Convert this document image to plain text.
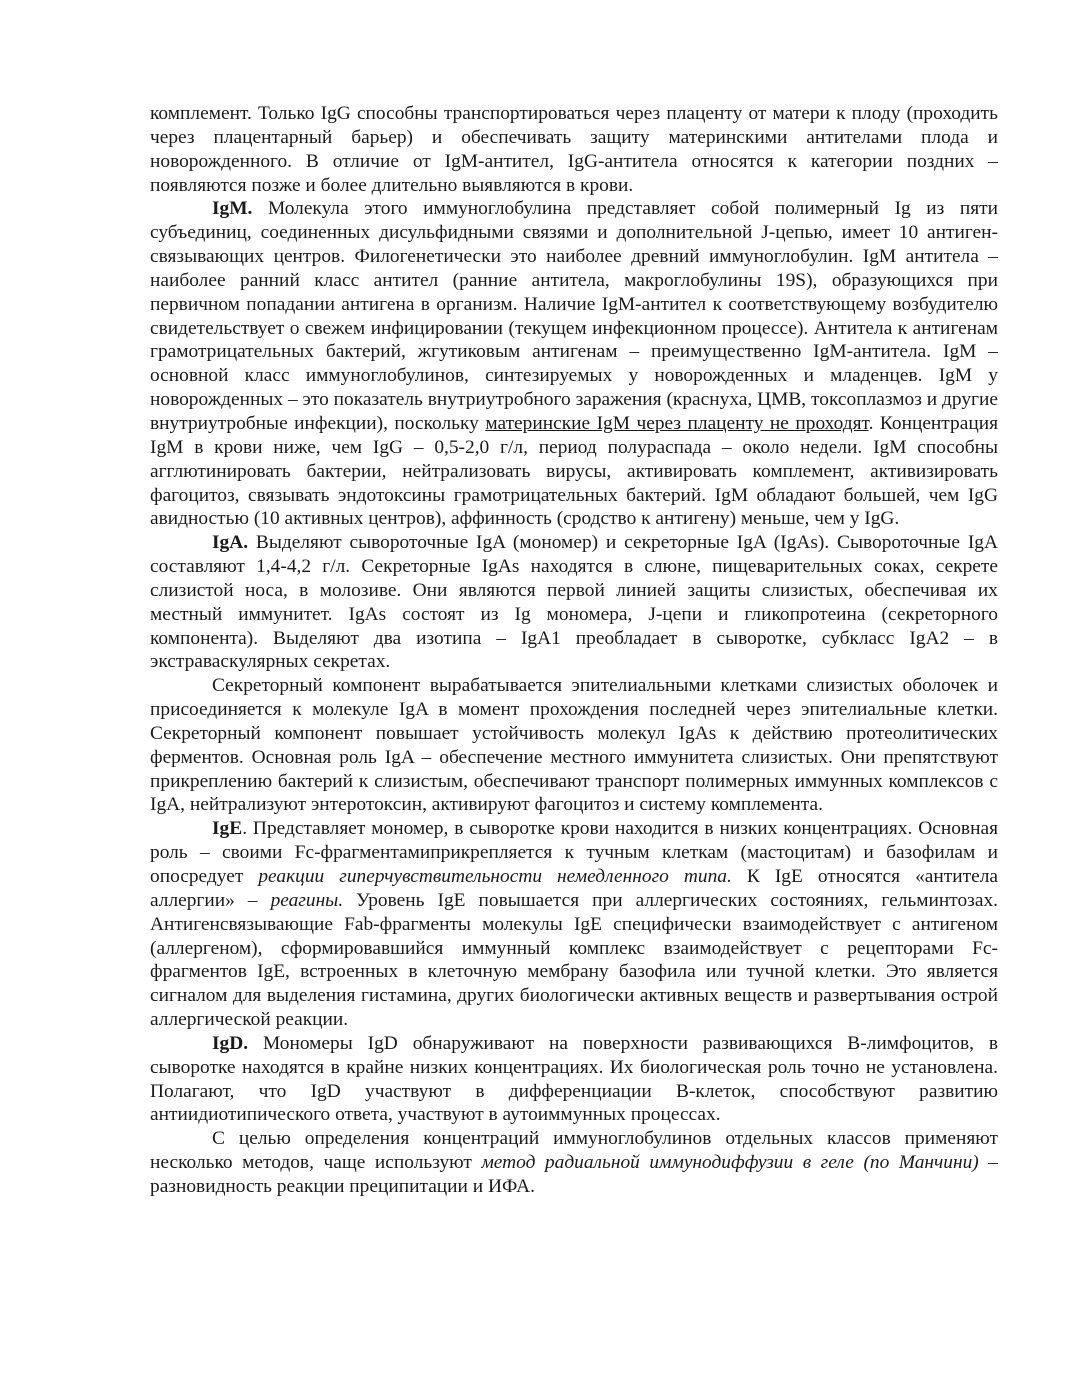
комплемент. Только IgG способны транспортироваться через плаценту от матери к плоду (проходить через плацентарный барьер) и обеспечивать защиту материнскими антителами плода и новорожденного. В отличие от IgM-антител, IgG-антитела относятся к категории поздних – появляются позже и более длительно выявляются в крови.

IgM. Молекула этого иммуноглобулина представляет собой полимерный Ig из пяти субъединиц, соединенных дисульфидными связями и дополнительной J-цепью, имеет 10 антиген-связывающих центров. Филогенетически это наиболее древний иммуноглобулин. IgM антитела – наиболее ранний класс антител (ранние антитела, макроглобулины 19S), образующихся при первичном попадании антигена в организм. Наличие IgM-антител к соответствующему возбудителю свидетельствует о свежем инфицировании (текущем инфекционном процессе). Антитела к антигенам грамотрицательных бактерий, жгутиковым антигенам – преимущественно IgM-антитела. IgM – основной класс иммуноглобулинов, синтезируемых у новорожденных и младенцев. IgM у новорожденных – это показатель внутриутробного заражения (краснуха, ЦМВ, токсоплазмоз и другие внутриутробные инфекции), поскольку материнские IgM через плаценту не проходят. Концентрация IgM в крови ниже, чем IgG – 0,5-2,0 г/л, период полураспада – около недели. IgM способны агглютинировать бактерии, нейтрализовать вирусы, активировать комплемент, активизировать фагоцитоз, связывать эндотоксины грамотрицательных бактерий. IgM обладают большей, чем IgG авидностью (10 активных центров), аффинность (сродство к антигену) меньше, чем у IgG.

IgA. Выделяют сывороточные IgA (мономер) и секреторные IgA (IgAs). Сывороточные IgA составляют 1,4-4,2 г/л. Секреторные IgAs находятся в слюне, пищеварительных соках, секрете слизистой носа, в молозиве. Они являются первой линией защиты слизистых, обеспечивая их местный иммунитет. IgAs состоят из Ig мономера, J-цепи и гликопротеина (секреторного компонента). Выделяют два изотипа – IgA1 преобладает в сыворотке, субкласс IgA2 – в экстраваскулярных секретах.

Секреторный компонент вырабатывается эпителиальными клетками слизистых оболочек и присоединяется к молекуле IgA в момент прохождения последней через эпителиальные клетки. Секреторный компонент повышает устойчивость молекул IgAs к действию протеолитических ферментов. Основная роль IgA – обеспечение местного иммунитета слизистых. Они препятствуют прикреплению бактерий к слизистым, обеспечивают транспорт полимерных иммунных комплексов с IgA, нейтрализуют энтеротоксин, активируют фагоцитоз и систему комплемента.

IgE. Представляет мономер, в сыворотке крови находится в низких концентрациях. Основная роль – своими Fc-фрагментамиприкрепляется к тучным клеткам (мастоцитам) и базофилам и опосредует реакции гиперчувствительности немедленного типа. К IgE относятся «антитела аллергии» – реагины. Уровень IgE повышается при аллергических состояниях, гельминтозах. Антигенсвязывающие Fab-фрагменты молекулы IgE специфически взаимодействует с антигеном (аллергеном), сформировавшийся иммунный комплекс взаимодействует с рецепторами Fc-фрагментов IgE, встроенных в клеточную мембрану базофила или тучной клетки. Это является сигналом для выделения гистамина, других биологически активных веществ и развертывания острой аллергической реакции.

IgD. Мономеры IgD обнаруживают на поверхности развивающихся В-лимфоцитов, в сыворотке находятся в крайне низких концентрациях. Их биологическая роль точно не установлена. Полагают, что IgD участвуют в дифференциации В-клеток, способствуют развитию антиидиотипического ответа, участвуют в аутоиммунных процессах.

С целью определения концентраций иммуноглобулинов отдельных классов применяют несколько методов, чаще используют метод радиальной иммунодиффузии в геле (по Манчини) – разновидность реакции преципитации и ИФА.
